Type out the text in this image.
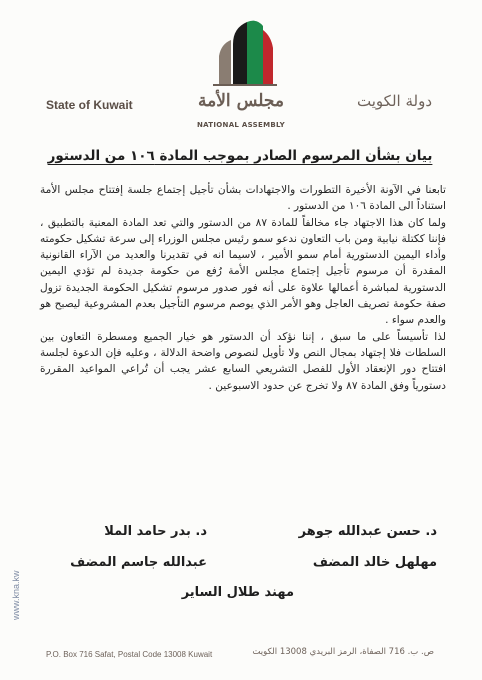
مجلس الأمة
NATIONAL ASSEMBLY
State of Kuwait	دولة الكويت
بيان بشأن المرسوم الصادر بموجب المادة ١٠٦ من الدستور

تابعنا في الآونة الأخيرة التطورات والاجتهادات بشأن تأجيل إجتماع جلسة إفتتاح مجلس الأمة استناداً الى المادة ١٠٦ من الدستور .

ولما كان هذا الاجتهاد جاء مخالفاً للمادة ٨٧ من الدستور والتي تعد المادة المعنية بالتطبيق ، فإننا ككتلة نيابية ومن باب التعاون ندعو سمو رئيس مجلس الوزراء إلى سرعة تشكيل حكومته وأداء اليمين الدستورية أمام سمو الأمير ، لاسيما انه في تقديرنا والعديد من الآراء القانونية المقدرة أن مرسوم تأجيل إجتماع مجلس الأمة رُفع من حكومة جديدة لم تؤدي اليمين الدستورية لمباشرة أعمالها علاوة على أنه فور صدور مرسوم تشكيل الحكومة الجديدة تزول صفة حكومة تصريف العاجل وهو الأمر الذي يوصم مرسوم التأجيل بعدم المشروعية ليصبح هو والعدم سواء .

لذا تأسيساً على ما سبق ، إننا نؤكد أن الدستور هو خيار الجميع ومسطرة التعاون بين السلطات فلا إجتهاد بمجال النص ولا تأويل لنصوص واضحة الدلالة ، وعليه فإن الدعوة لجلسة افتتاح دور الإنعقاد الأول للفصل التشريعي السابع عشر يجب أن تُراعي المواعيد المقررة دستورياً وفق المادة ٨٧ ولا تخرج عن حدود الاسبوعين .

د. حسن عبدالله جوهر
د. بدر حامد الملا
مهلهل خالد المضف
عبدالله جاسم المضف
مهند طلال الساير
www.kna.kw
P.O. Box 716 Safat, Postal Code 13008 Kuwait	ص. ب. 716 الصفاة، الرمز البريدي 13008 الكويت
